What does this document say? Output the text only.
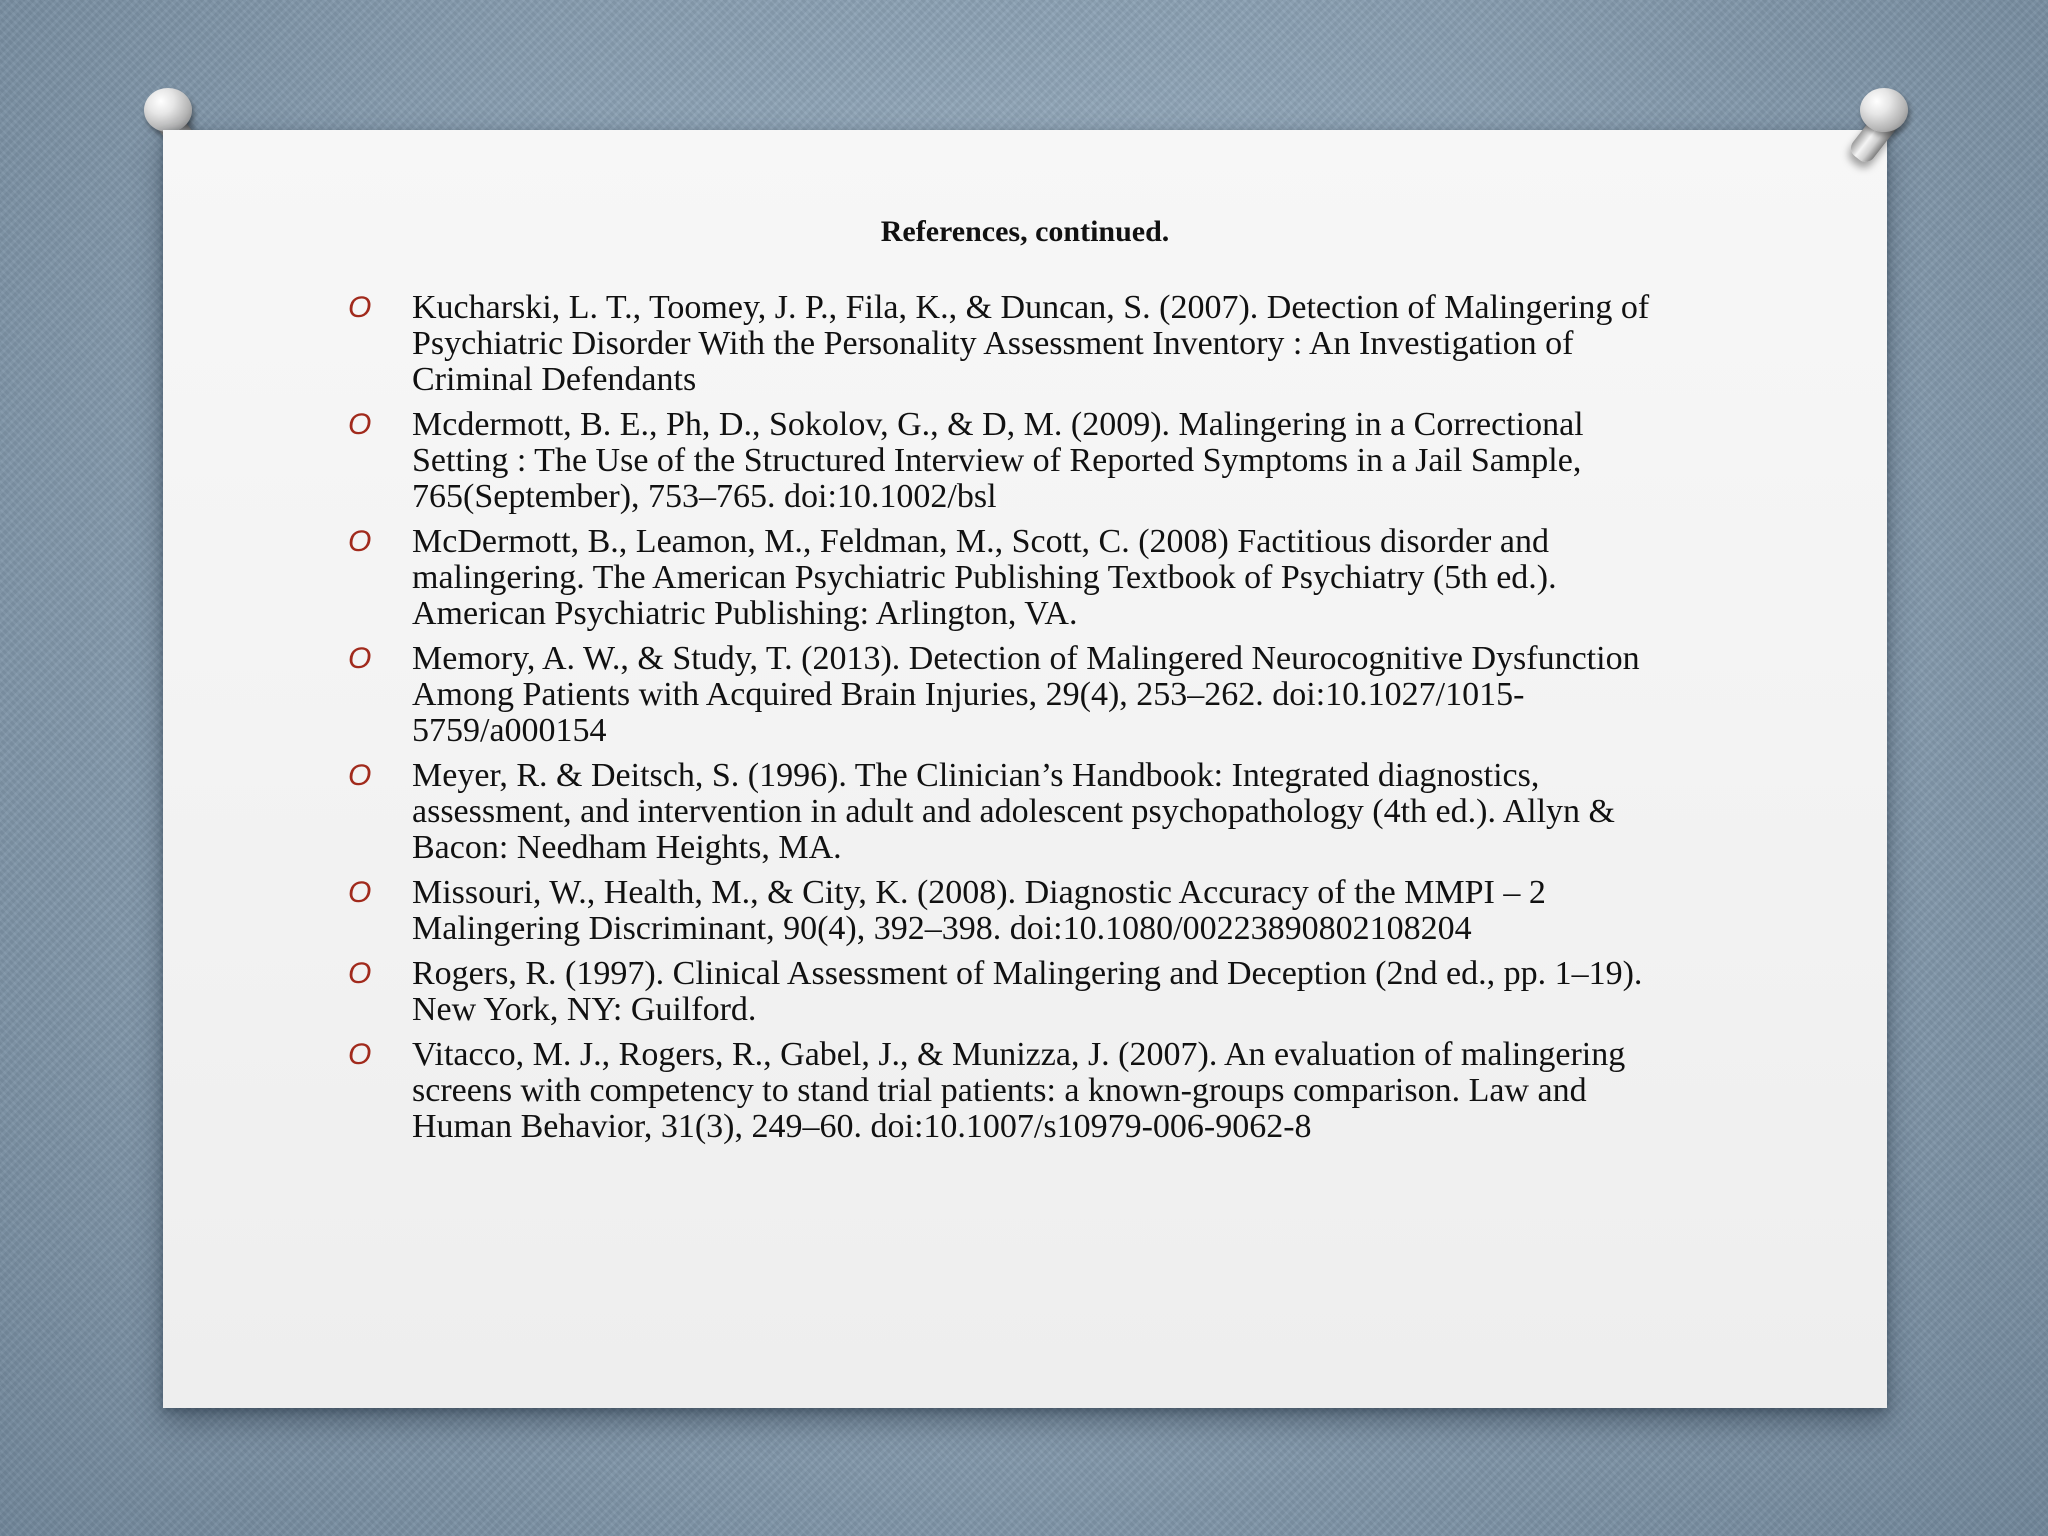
References, continued.
O	Kucharski, L. T., Toomey, J. P., Fila, K., & Duncan, S. (2007). Detection of Malingering of Psychiatric Disorder With the Personality Assessment Inventory : An Investigation of Criminal Defendants
O	Mcdermott, B. E., Ph, D., Sokolov, G., & D, M. (2009). Malingering in a Correctional Setting : The Use of the Structured Interview of Reported Symptoms in a Jail Sample, 765(September), 753–765. doi:10.1002/bsl
O	McDermott, B., Leamon, M., Feldman, M., Scott, C. (2008) Factitious disorder and malingering. The American Psychiatric Publishing Textbook of Psychiatry (5th ed.). American Psychiatric Publishing: Arlington, VA.
O	Memory, A. W., & Study, T. (2013). Detection of Malingered Neurocognitive Dysfunction Among Patients with Acquired Brain Injuries, 29(4), 253–262. doi:10.1027/1015-5759/a000154
O	Meyer, R. & Deitsch, S. (1996). The Clinician’s Handbook: Integrated diagnostics, assessment, and intervention in adult and adolescent psychopathology (4th ed.). Allyn & Bacon: Needham Heights, MA.
O	Missouri, W., Health, M., & City, K. (2008). Diagnostic Accuracy of the MMPI – 2 Malingering Discriminant, 90(4), 392–398. doi:10.1080/00223890802108204
O	Rogers, R. (1997). Clinical Assessment of Malingering and Deception (2nd ed., pp. 1–19). New York, NY: Guilford.
O	Vitacco, M. J., Rogers, R., Gabel, J., & Munizza, J. (2007). An evaluation of malingering screens with competency to stand trial patients: a known-groups comparison. Law and Human Behavior, 31(3), 249–60. doi:10.1007/s10979-006-9062-8
